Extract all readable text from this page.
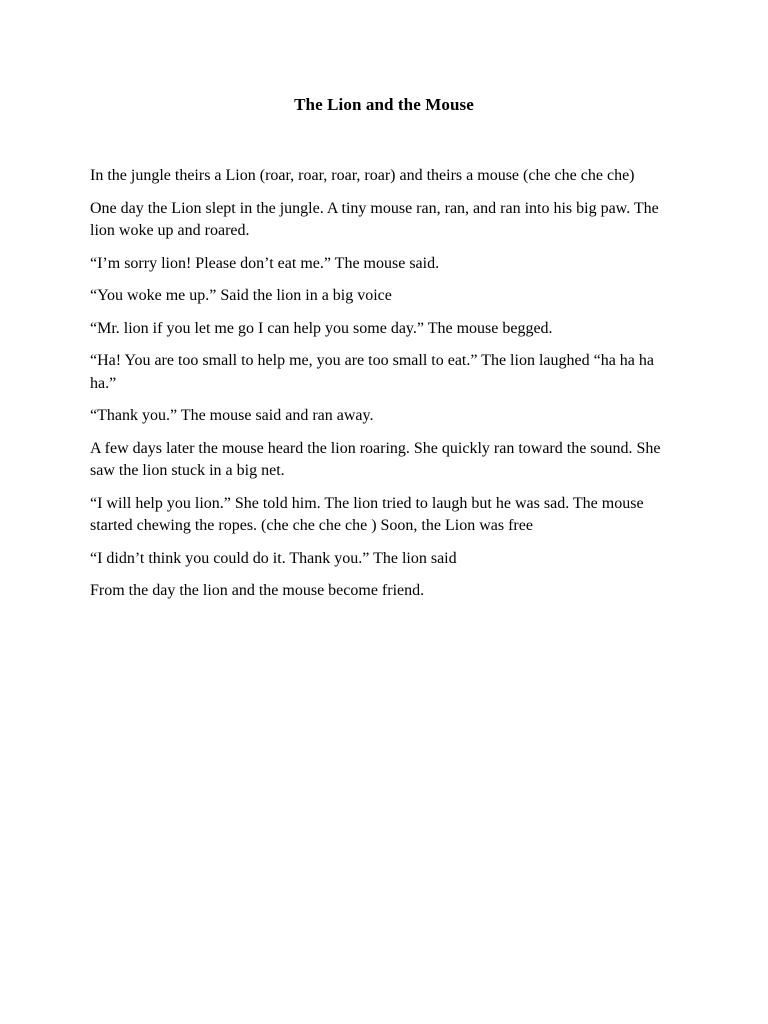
The Lion and the Mouse

In the jungle theirs a Lion (roar, roar, roar, roar) and theirs a mouse (che che che che)

One day the Lion slept in the jungle. A tiny mouse ran, ran, and ran into his big paw. The lion woke up and roared.

“I’m sorry lion! Please don’t eat me.” The mouse said.

“You woke me up.” Said the lion in a big voice

“Mr. lion if you let me go I can help you some day.” The mouse begged.

“Ha! You are too small to help me, you are too small to eat.” The lion laughed “ha ha ha ha.”

“Thank you.” The mouse said and ran away.

A few days later the mouse heard the lion roaring. She quickly ran toward the sound. She saw the lion stuck in a big net.

“I will help you lion.” She told him. The lion tried to laugh but he was sad. The mouse started chewing the ropes. (che che che che ) Soon, the Lion was free

“I didn’t think you could do it. Thank you.” The lion said

From the day the lion and the mouse become friend.
